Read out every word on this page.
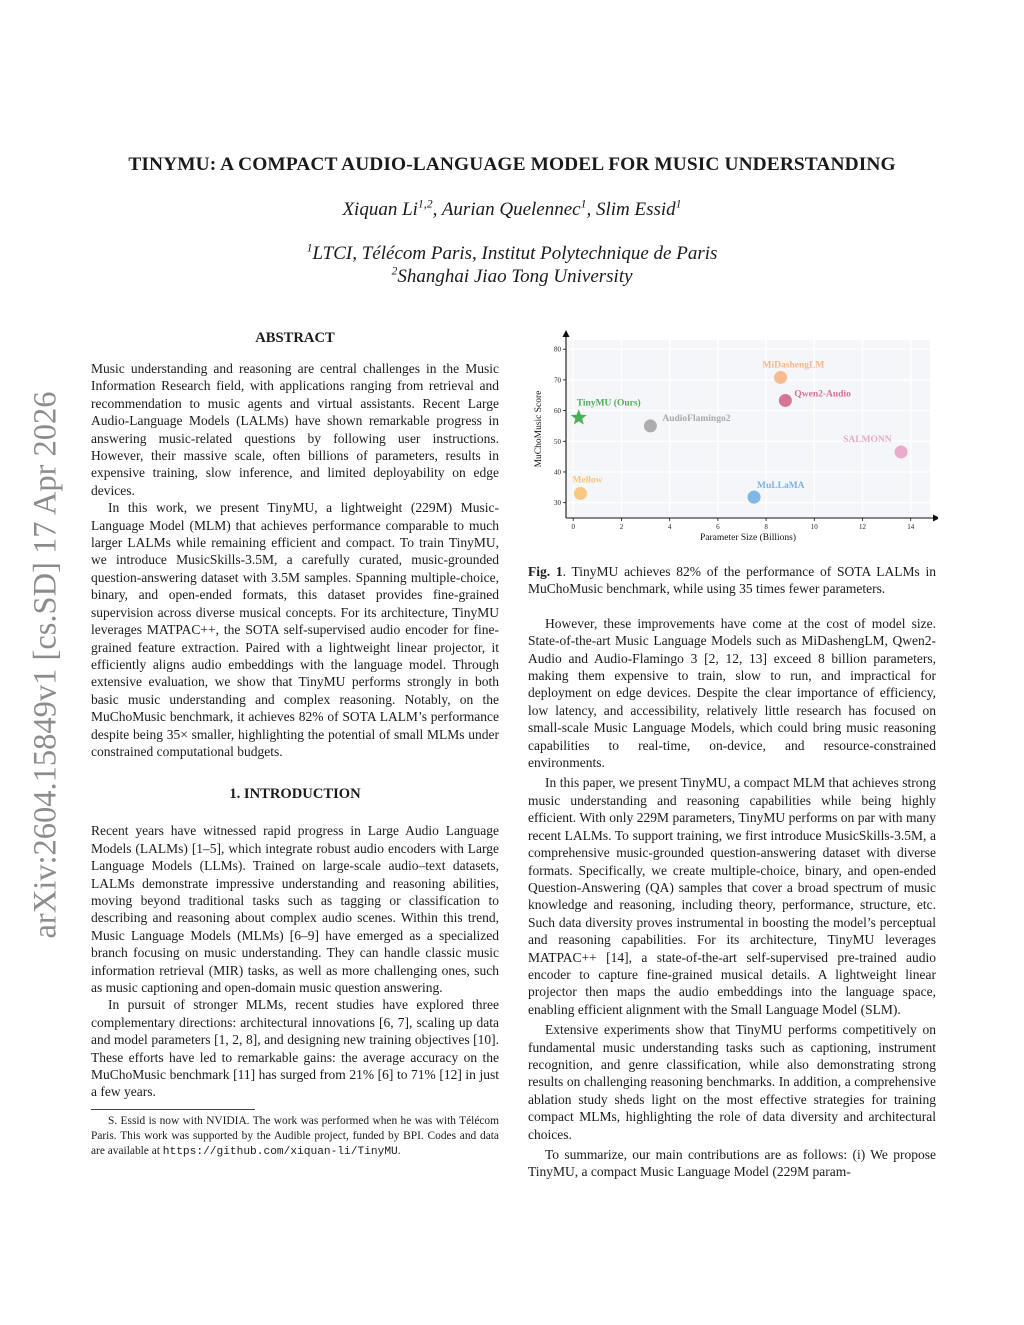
arXiv:2604.15849v1 [cs.SD] 17 Apr 2026
TINYMU: A COMPACT AUDIO-LANGUAGE MODEL FOR MUSIC UNDERSTANDING
Xiquan Li$^{1,2}$, Aurian Quelennec$^1$, Slim Essid$^1$
$^1$LTCI, Télécom Paris, Institut Polytechnique de Paris
$^2$Shanghai Jiao Tong University
ABSTRACT

Music understanding and reasoning are central challenges in the Music Information Research field, with applications ranging from retrieval and recommendation to music agents and virtual assistants. Recent Large Audio-Language Models (LALMs) have shown remarkable progress in answering music-related questions by following user instructions. However, their massive scale, often billions of parameters, results in expensive training, slow inference, and limited deployability on edge devices.

In this work, we present TinyMU, a lightweight (229M) Music-Language Model (MLM) that achieves performance comparable to much larger LALMs while remaining efficient and compact. To train TinyMU, we introduce MusicSkills-3.5M, a carefully curated, music-grounded question-answering dataset with 3.5M samples. Spanning multiple-choice, binary, and open-ended formats, this dataset provides fine-grained supervision across diverse musical concepts. For its architecture, TinyMU leverages MATPAC++, the SOTA self-supervised audio encoder for fine-grained feature extraction. Paired with a lightweight linear projector, it efficiently aligns audio embeddings with the language model. Through extensive evaluation, we show that TinyMU performs strongly in both basic music understanding and complex reasoning. Notably, on the MuChoMusic benchmark, it achieves 82% of SOTA LALM’s performance despite being 35× smaller, highlighting the potential of small MLMs under constrained computational budgets.

1. INTRODUCTION

Recent years have witnessed rapid progress in Large Audio Language Models (LALMs) [1–5], which integrate robust audio encoders with Large Language Models (LLMs). Trained on large-scale audio–text datasets, LALMs demonstrate impressive understanding and reasoning abilities, moving beyond traditional tasks such as tagging or classification to describing and reasoning about complex audio scenes. Within this trend, Music Language Models (MLMs) [6–9] have emerged as a specialized branch focusing on music understanding. They can handle classic music information retrieval (MIR) tasks, as well as more challenging ones, such as music captioning and open-domain music question answering.

In pursuit of stronger MLMs, recent studies have explored three complementary directions: architectural innovations [6, 7], scaling up data and model parameters [1, 2, 8], and designing new training objectives [10]. These efforts have led to remarkable gains: the average accuracy on the MuChoMusic benchmark [11] has surged from 21% [6] to 71% [12] in just a few years.

S. Essid is now with NVIDIA. The work was performed when he was with Télécom Paris. This work was supported by the Audible project, funded by BPI. Codes and data are available at https://github.com/xiquan-li/TinyMU.

0	2	4	6	8	10	12	14
30
40
50
60
70
80
Parameter Size (Billions)
MuChoMusic Score	TinyMU (Ours)
AudioFlamingo2
MiDashengLM
Qwen2-Audio
SALMONN
Mellow
MuLLaMA

Fig. 1. TinyMU achieves 82% of the performance of SOTA LALMs in MuChoMusic benchmark, while using 35 times fewer parameters.

However, these improvements have come at the cost of model size. State-of-the-art Music Language Models such as MiDashengLM, Qwen2-Audio and Audio-Flamingo 3 [2, 12, 13] exceed 8 billion parameters, making them expensive to train, slow to run, and impractical for deployment on edge devices. Despite the clear importance of efficiency, low latency, and accessibility, relatively little research has focused on small-scale Music Language Models, which could bring music reasoning capabilities to real-time, on-device, and resource-constrained environments.

In this paper, we present TinyMU, a compact MLM that achieves strong music understanding and reasoning capabilities while being highly efficient. With only 229M parameters, TinyMU performs on par with many recent LALMs. To support training, we first introduce MusicSkills-3.5M, a comprehensive music-grounded question-answering dataset with diverse formats. Specifically, we create multiple-choice, binary, and open-ended Question-Answering (QA) samples that cover a broad spectrum of music knowledge and reasoning, including theory, performance, structure, etc. Such data diversity proves instrumental in boosting the model’s perceptual and reasoning capabilities. For its architecture, TinyMU leverages MATPAC++ [14], a state-of-the-art self-supervised pre-trained audio encoder to capture fine-grained musical details. A lightweight linear projector then maps the audio embeddings into the language space, enabling efficient alignment with the Small Language Model (SLM).

Extensive experiments show that TinyMU performs competitively on fundamental music understanding tasks such as captioning, instrument recognition, and genre classification, while also demonstrating strong results on challenging reasoning benchmarks. In addition, a comprehensive ablation study sheds light on the most effective strategies for training compact MLMs, highlighting the role of data diversity and architectural choices.

To summarize, our main contributions are as follows: (i) We propose TinyMU, a compact Music Language Model (229M param-
